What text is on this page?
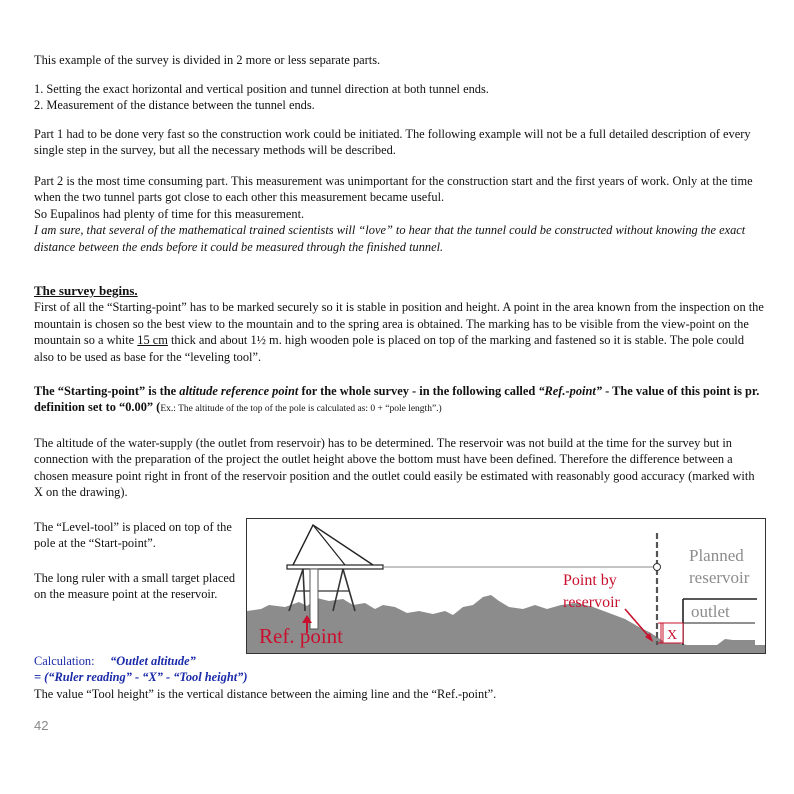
This example of the survey is divided in 2 more or less separate parts.

1. Setting the exact horizontal and vertical position and tunnel direction at both tunnel ends.
2. Measurement of the distance between the tunnel ends.

Part 1 had to be done very fast so the construction work could be initiated. The following example will not be a full detailed description of every single step in the survey, but all the necessary methods will be described.

Part 2 is the most time consuming part. This measurement was unimportant for the construction start and the first years of work. Only at the time when the two tunnel parts got close to each other this measurement became useful.
So Eupalinos had plenty of time for this measurement.
I am sure, that several of the mathematical trained scientists will “love” to hear that the tunnel could be constructed without knowing the exact distance between the ends before it could be measured through the finished tunnel.

The survey begins.
First of all the “Starting-point” has to be marked securely so it is stable in position and height. A point in the area known from the inspection on the mountain is chosen so the best view to the mountain and to the spring area is obtained. The marking has to be visible from the view-point on the mountain so a white 15 cm thick and about 1½ m. high wooden pole is placed on top of the marking and fastened so it is stable. The pole could also to be used as base for the “leveling tool”.

The “Starting-point” is the altitude reference point for the whole survey - in the following called “Ref.-point” - The value of this point is pr. definition set to “0.00” (Ex.: The altitude of the top of the pole is calculated as: 0 + “pole length”.)

The altitude of the water-supply (the outlet from reservoir) has to be determined. The reservoir was not build at the time for the survey but in connection with the preparation of the project the outlet height above the bottom must have been defined. Therefore the difference between a chosen measure point right in front of the reservoir position and the outlet could easily be estimated with reasonably good accuracy (marked with X on the drawing).

The “Level-tool” is placed on top of the pole at the “Start-point”.

The long ruler with a small target placed on the measure point at the reservoir.

Ref. point
Point by
reservoir
Planned
reservoir
outlet
X

Calculation: “Outlet altitude”
= (“Ruler reading” - “X” - “Tool height”)
The value “Tool height” is the vertical distance between the aiming line and the “Ref.-point”.

42
